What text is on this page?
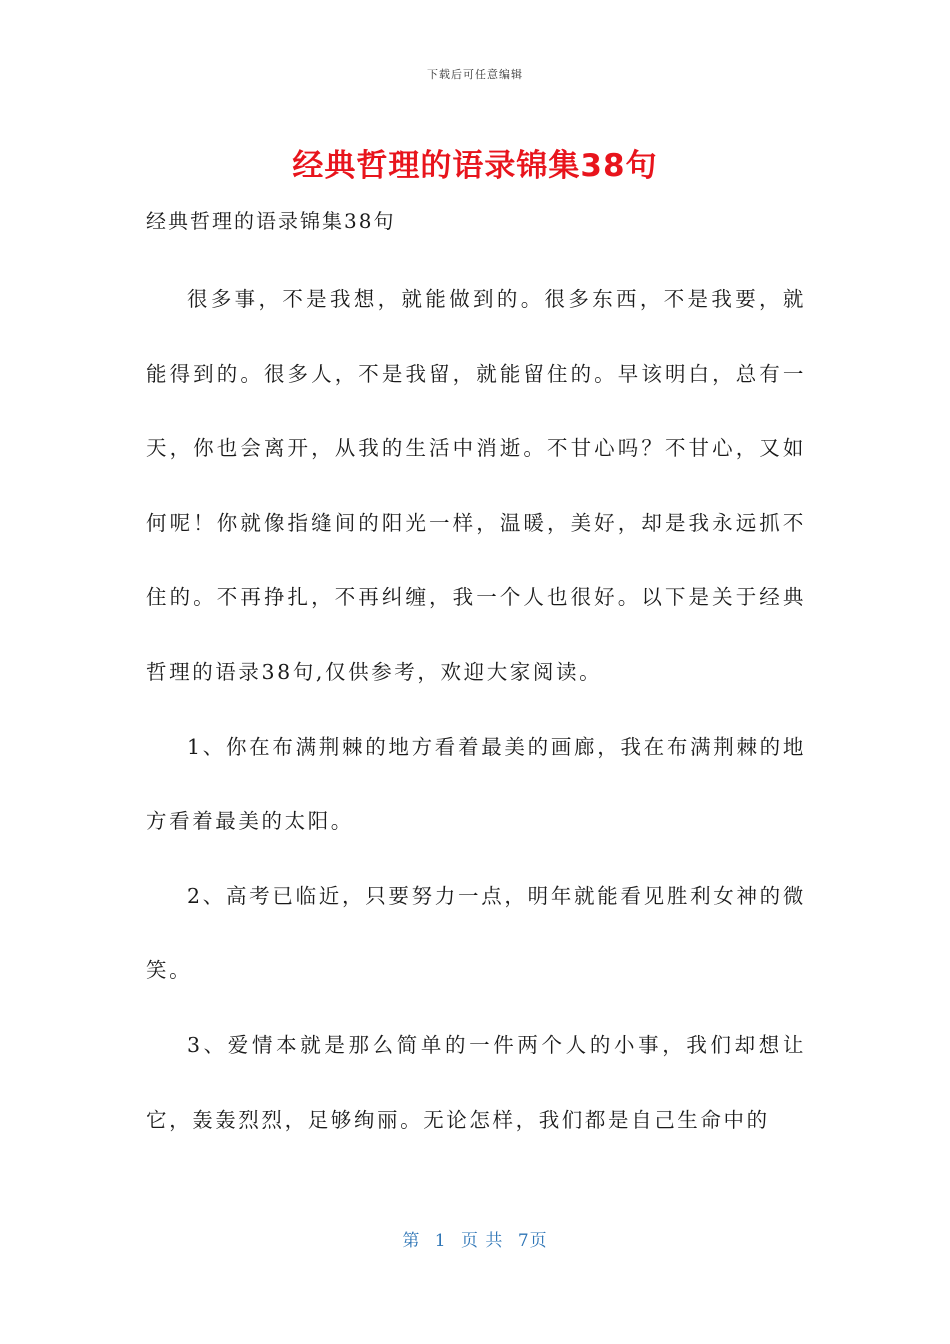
下载后可任意编辑
经典哲理的语录锦集38句
经典哲理的语录锦集38句

很多事，不是我想，就能做到的。很多东西，不是我要，就能得到的。很多人，不是我留，就能留住的。早该明白，总有一天，你也会离开，从我的生活中消逝。不甘心吗？不甘心，又如何呢！你就像指缝间的阳光一样，温暖，美好，却是我永远抓不住的。不再挣扎，不再纠缠，我一个人也很好。以下是关于经典哲理的语录38句,仅供参考，欢迎大家阅读。

1、你在布满荆棘的地方看着最美的画廊，我在布满荆棘的地方看着最美的太阳。

2、高考已临近，只要努力一点，明年就能看见胜利女神的微笑。

3、爱情本就是那么简单的一件两个人的小事，我们却想让它，轰轰烈烈，足够绚丽。无论怎样，我们都是自己生命中的

第 1 页 共 7页
